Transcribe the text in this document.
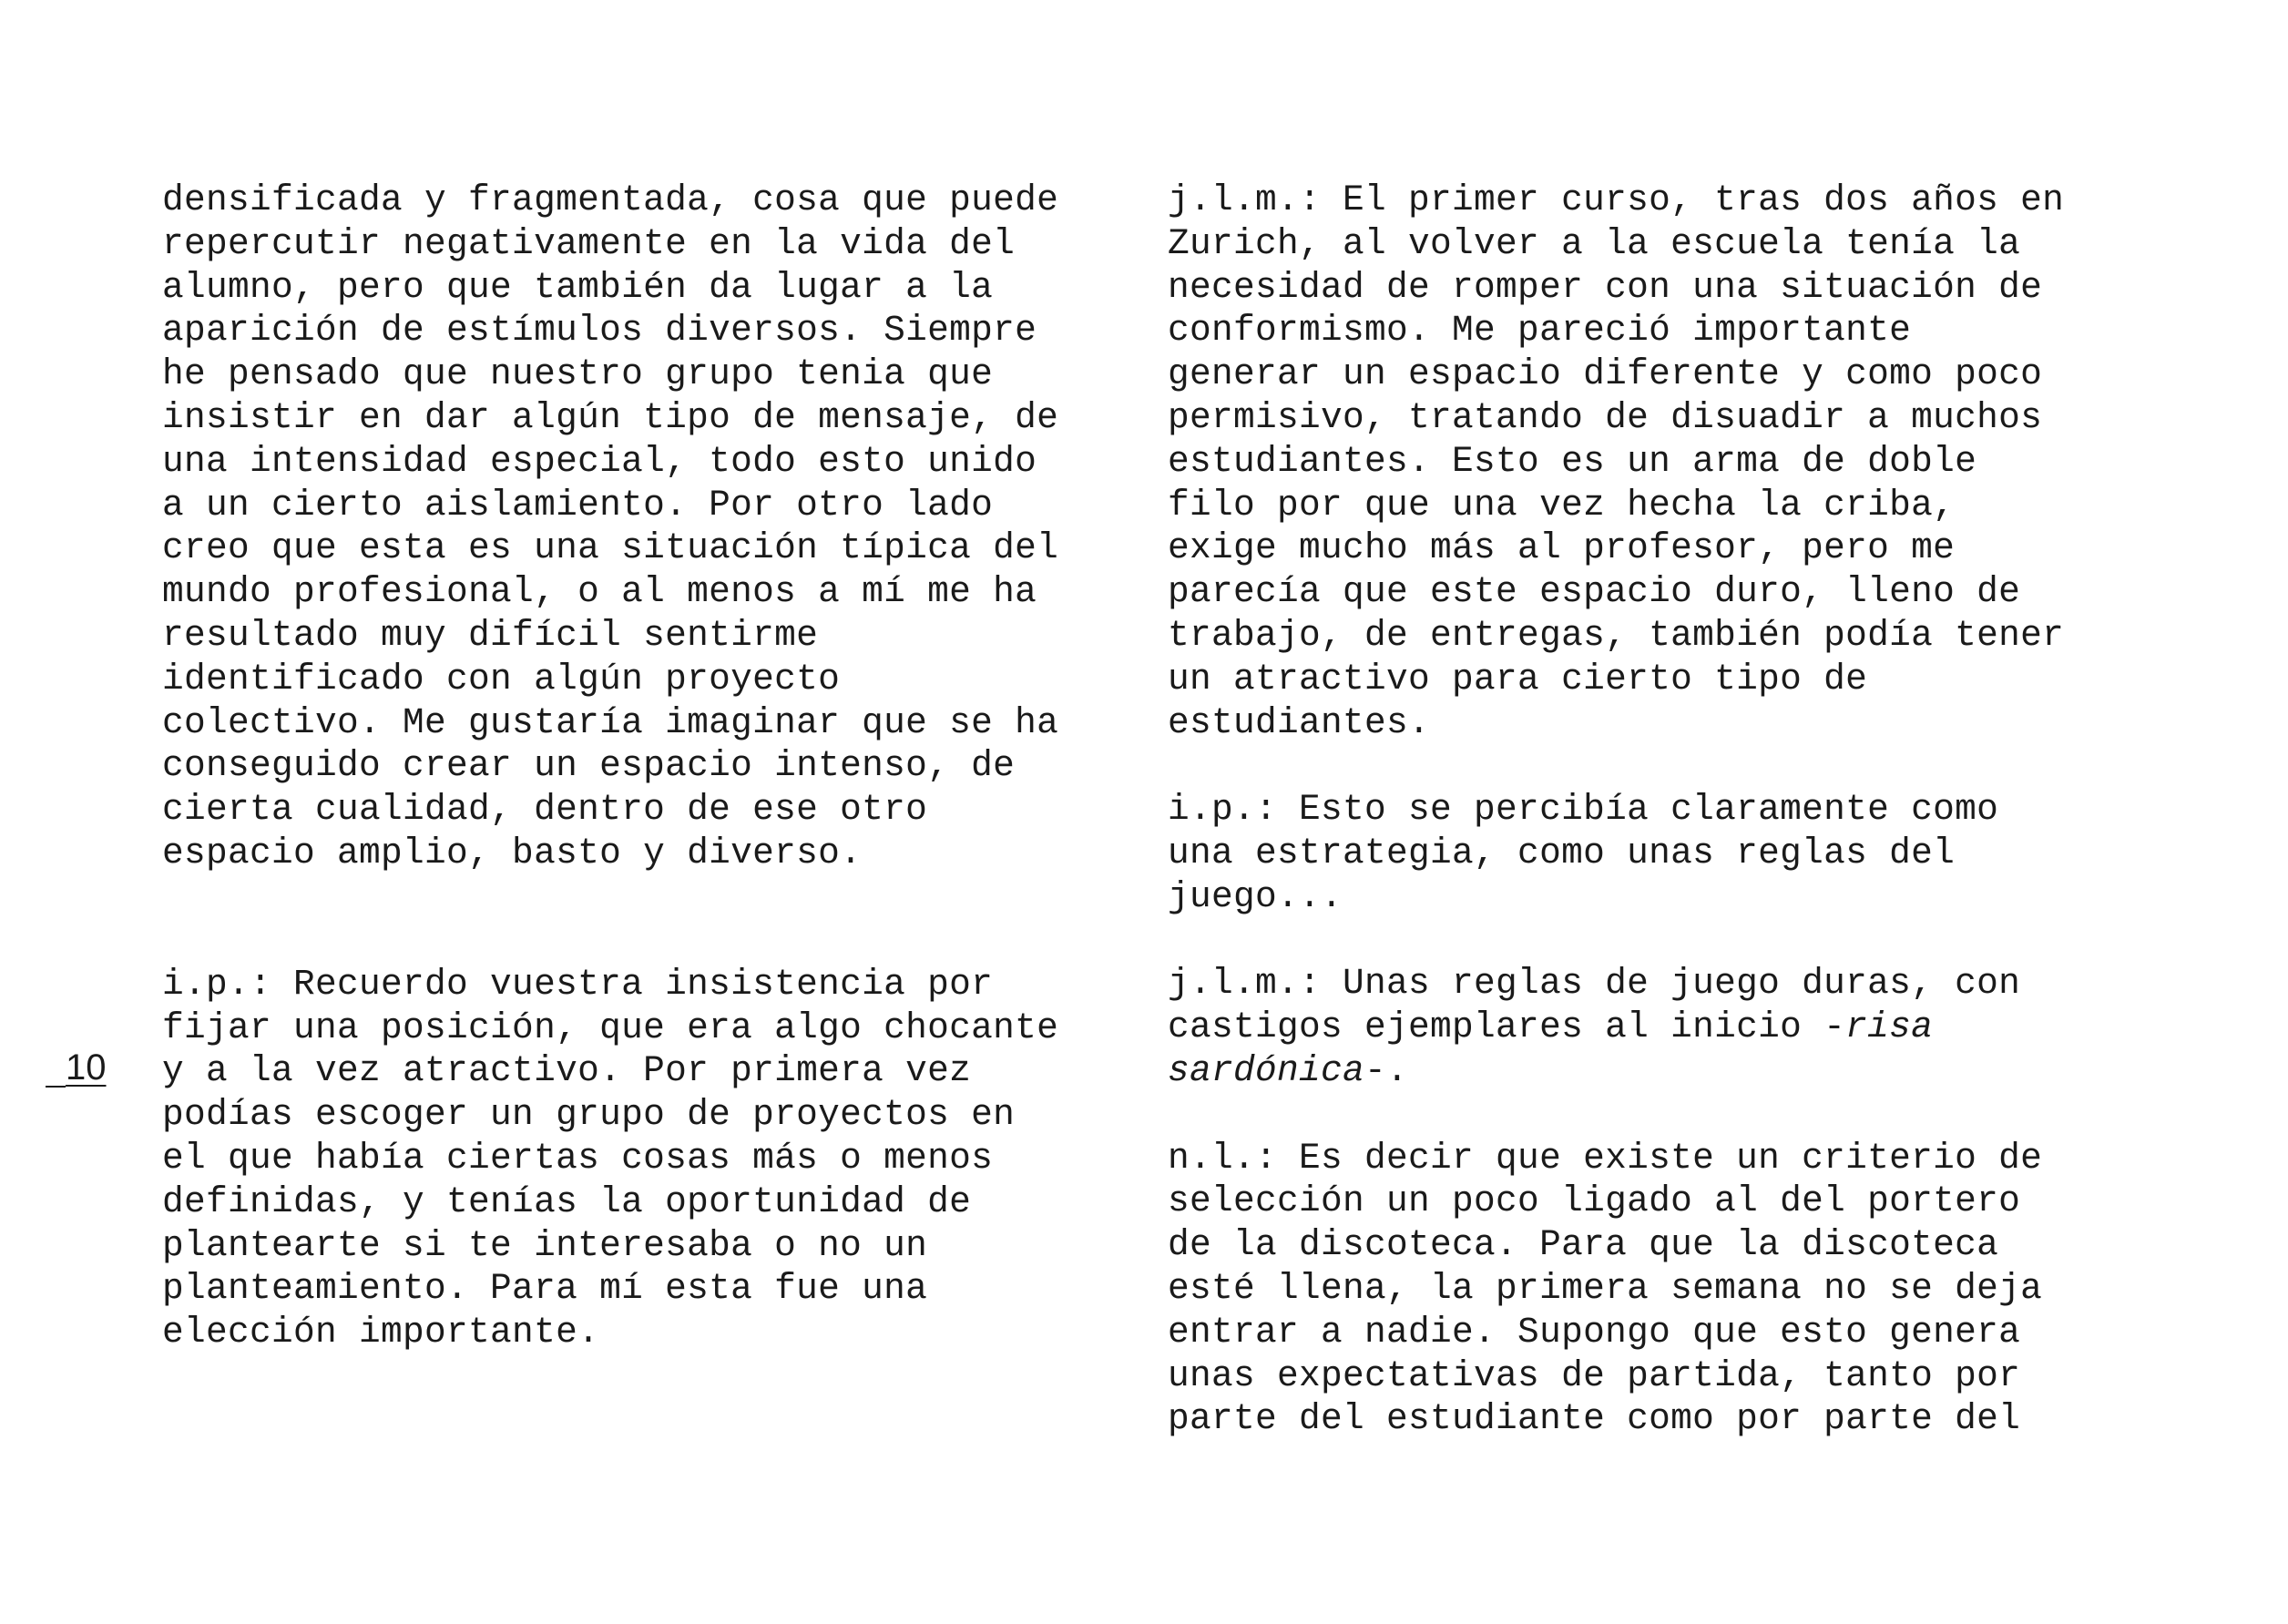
10

densificada y fragmentada, cosa que puede
repercutir negativamente en la vida del
alumno, pero que también da lugar a la
aparición de estímulos diversos. Siempre
he pensado que nuestro grupo tenia que
insistir en dar algún tipo de mensaje, de
una intensidad especial, todo esto unido
a un cierto aislamiento. Por otro lado
creo que esta es una situación típica del
mundo profesional, o al menos a mí me ha
resultado muy difícil sentirme
identificado con algún proyecto
colectivo. Me gustaría imaginar que se ha
conseguido crear un espacio intenso, de
cierta cualidad, dentro de ese otro
espacio amplio, basto y diverso.

i.p.: Recuerdo vuestra insistencia por
fijar una posición, que era algo chocante
y a la vez atractivo. Por primera vez
podías escoger un grupo de proyectos en
el que había ciertas cosas más o menos
definidas, y tenías la oportunidad de
plantearte si te interesaba o no un
planteamiento. Para mí esta fue una
elección importante.

j.l.m.: El primer curso, tras dos años en
Zurich, al volver a la escuela tenía la
necesidad de romper con una situación de
conformismo. Me pareció importante
generar un espacio diferente y como poco
permisivo, tratando de disuadir a muchos
estudiantes. Esto es un arma de doble
filo por que una vez hecha la criba,
exige mucho más al profesor, pero me
parecía que este espacio duro, lleno de
trabajo, de entregas, también podía tener
un atractivo para cierto tipo de
estudiantes.

i.p.: Esto se percibía claramente como
una estrategia, como unas reglas del
juego...

j.l.m.: Unas reglas de juego duras, con
castigos ejemplares al inicio -risa
sardónica-.

n.l.: Es decir que existe un criterio de
selección un poco ligado al del portero
de la discoteca. Para que la discoteca
esté llena, la primera semana no se deja
entrar a nadie. Supongo que esto genera
unas expectativas de partida, tanto por
parte del estudiante como por parte del
